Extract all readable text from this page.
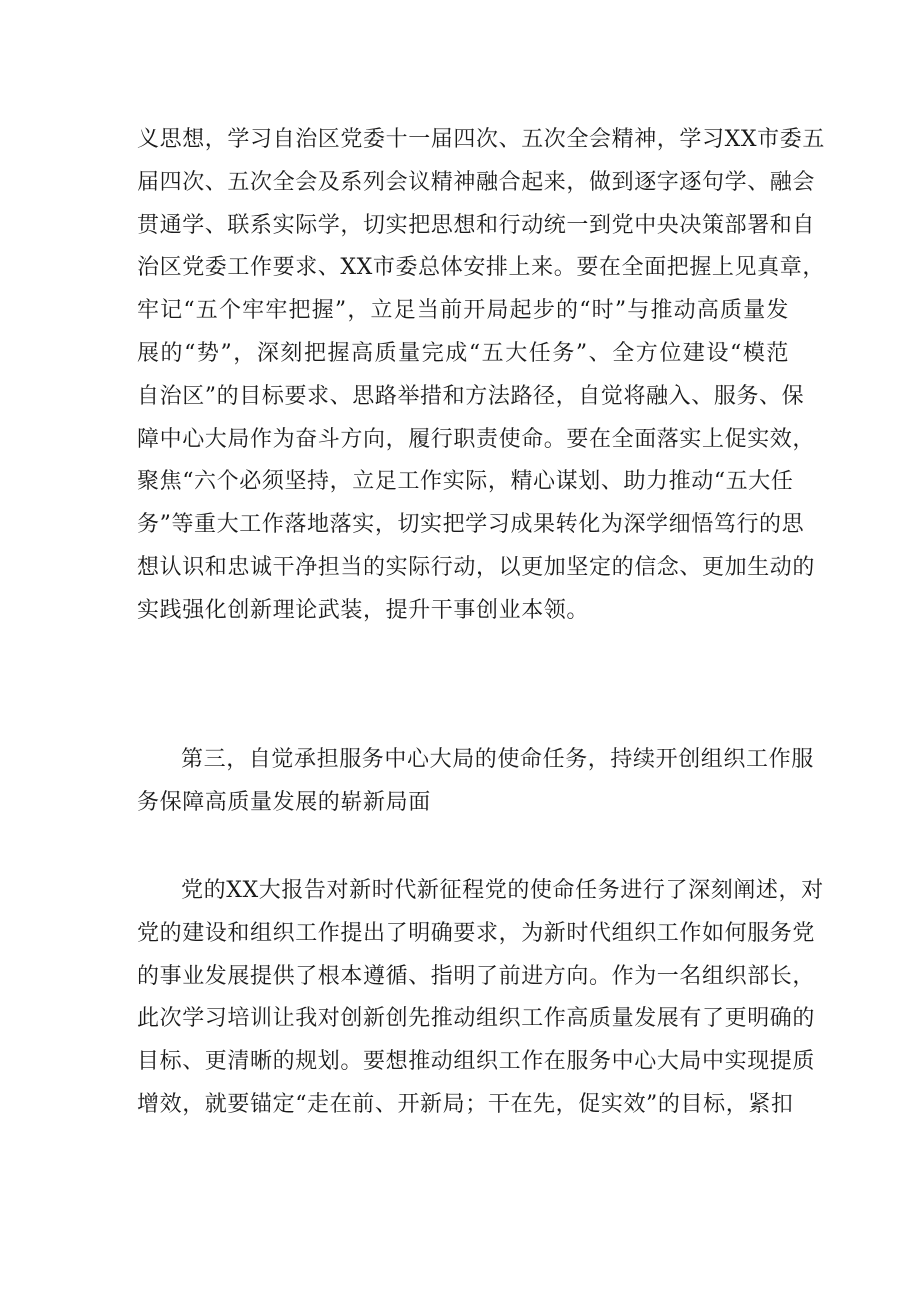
义思想，学习自治区党委十一届四次、五次全会精神，学习XX市委五
届四次、五次全会及系列会议精神融合起来，做到逐字逐句学、融会
贯通学、联系实际学，切实把思想和行动统一到党中央决策部署和自
治区党委工作要求、XX市委总体安排上来。要在全面把握上见真章，
牢记“五个牢牢把握”，立足当前开局起步的“时”与推动高质量发
展的“势”，深刻把握高质量完成“五大任务”、全方位建设“模范
自治区”的目标要求、思路举措和方法路径，自觉将融入、服务、保
障中心大局作为奋斗方向，履行职责使命。要在全面落实上促实效，
聚焦“六个必须坚持，立足工作实际，精心谋划、助力推动“五大任
务”等重大工作落地落实，切实把学习成果转化为深学细悟笃行的思
想认识和忠诚干净担当的实际行动，以更加坚定的信念、更加生动的
实践强化创新理论武装，提升干事创业本领。
第三，自觉承担服务中心大局的使命任务，持续开创组织工作服
务保障高质量发展的崭新局面
党的XX大报告对新时代新征程党的使命任务进行了深刻阐述，对
党的建设和组织工作提出了明确要求，为新时代组织工作如何服务党
的事业发展提供了根本遵循、指明了前进方向。作为一名组织部长，
此次学习培训让我对创新创先推动组织工作高质量发展有了更明确的
目标、更清晰的规划。要想推动组织工作在服务中心大局中实现提质
增效，就要锚定“走在前、开新局；干在先，促实效”的目标，紧扣
